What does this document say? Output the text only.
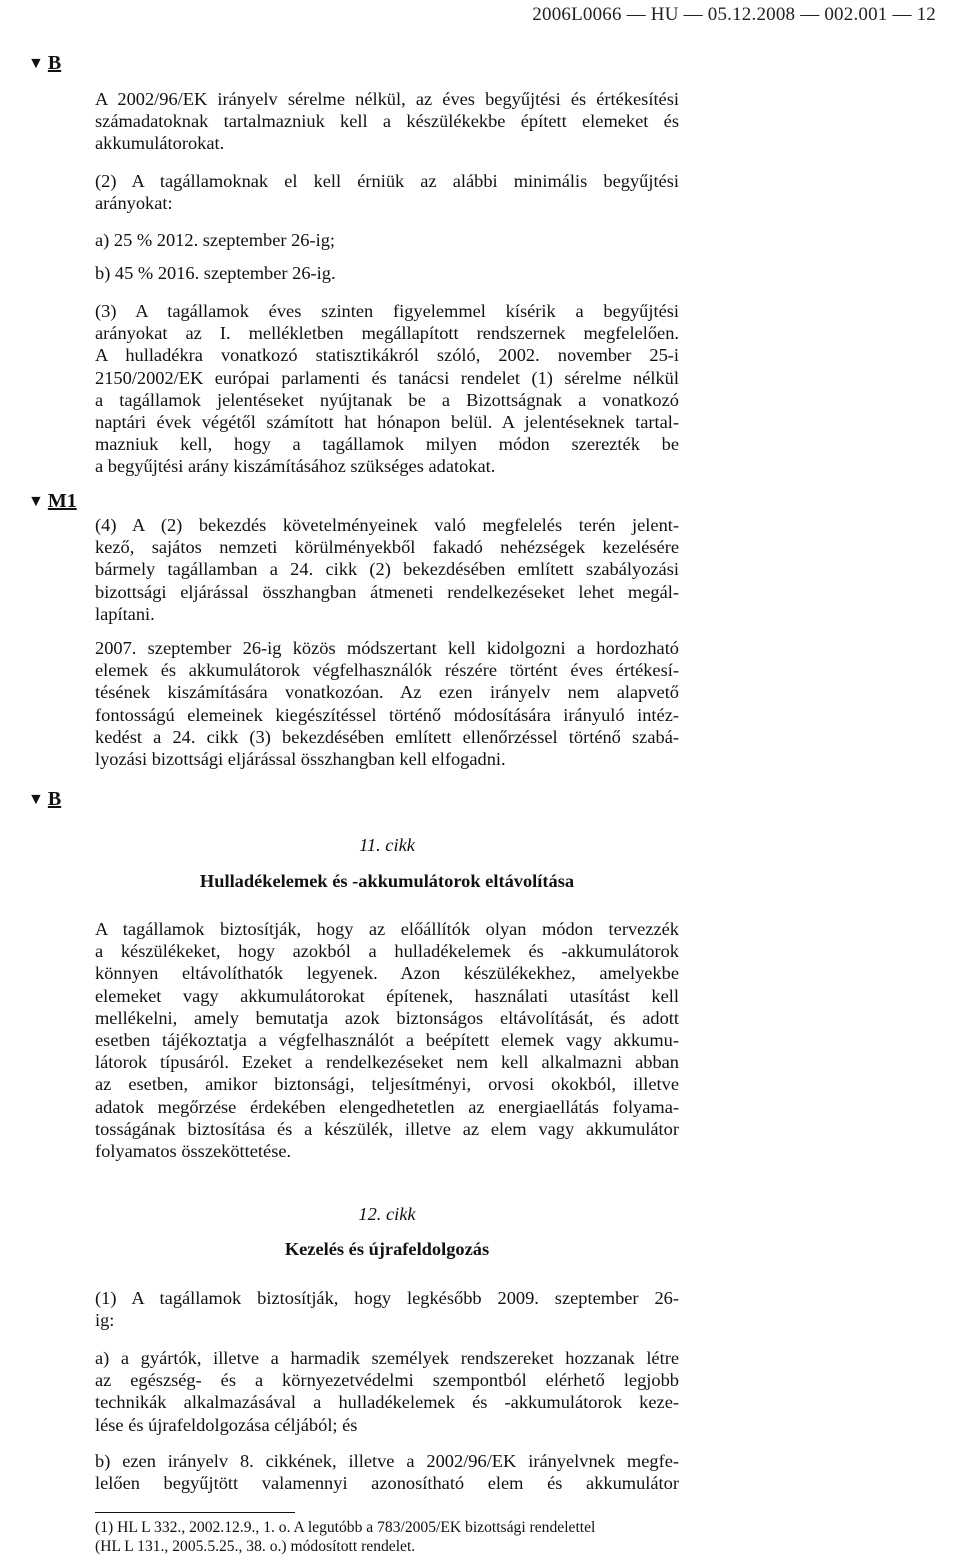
2006L0066 — HU — 05.12.2008 — 002.001 — 12
▼ B
▼ M1
▼ B
A 2002/96/EK irányelv sérelme nélkül, az éves begyűjtési és értékesítési
számadatoknak tartalmazniuk kell a készülékekbe épített elemeket és
akkumulátorokat.
(2) A tagállamoknak el kell érniük az alábbi minimális begyűjtési
arányokat:
a) 25 % 2012. szeptember 26-ig;
b) 45 % 2016. szeptember 26-ig.
(3) A tagállamok éves szinten figyelemmel kísérik a begyűjtési
arányokat az I. mellékletben megállapított rendszernek megfelelően.
A hulladékra vonatkozó statisztikákról szóló, 2002. november 25-i
2150/2002/EK európai parlamenti és tanácsi rendelet (1) sérelme nélkül
a tagállamok jelentéseket nyújtanak be a Bizottságnak a vonatkozó
naptári évek végétől számított hat hónapon belül. A jelentéseknek tartal-
mazniuk kell, hogy a tagállamok milyen módon szerezték be
a begyűjtési arány kiszámításához szükséges adatokat.
(4) A (2) bekezdés követelményeinek való megfelelés terén jelent-
kező, sajátos nemzeti körülményekből fakadó nehézségek kezelésére
bármely tagállamban a 24. cikk (2) bekezdésében említett szabályozási
bizottsági eljárással összhangban átmeneti rendelkezéseket lehet megál-
lapítani.
2007. szeptember 26-ig közös módszertant kell kidolgozni a hordozható
elemek és akkumulátorok végfelhasználók részére történt éves értékesí-
tésének kiszámítására vonatkozóan. Az ezen irányelv nem alapvető
fontosságú elemeinek kiegészítéssel történő módosítására irányuló intéz-
kedést a 24. cikk (3) bekezdésében említett ellenőrzéssel történő szabá-
lyozási bizottsági eljárással összhangban kell elfogadni.
11. cikk
Hulladékelemek és -akkumulátorok eltávolítása
A tagállamok biztosítják, hogy az előállítók olyan módon tervezzék
a készülékeket, hogy azokból a hulladékelemek és -akkumulátorok
könnyen eltávolíthatók legyenek. Azon készülékekhez, amelyekbe
elemeket vagy akkumulátorokat építenek, használati utasítást kell
mellékelni, amely bemutatja azok biztonságos eltávolítását, és adott
esetben tájékoztatja a végfelhasználót a beépített elemek vagy akkumu-
látorok típusáról. Ezeket a rendelkezéseket nem kell alkalmazni abban
az esetben, amikor biztonsági, teljesítményi, orvosi okokból, illetve
adatok megőrzése érdekében elengedhetetlen az energiaellátás folyama-
tosságának biztosítása és a készülék, illetve az elem vagy akkumulátor
folyamatos összeköttetése.
12. cikk
Kezelés és újrafeldolgozás
(1) A tagállamok biztosítják, hogy legkésőbb 2009. szeptember 26-
ig:
a) a gyártók, illetve a harmadik személyek rendszereket hozzanak létre
az egészség- és a környezetvédelmi szempontból elérhető legjobb
technikák alkalmazásával a hulladékelemek és -akkumulátorok keze-
lése és újrafeldolgozása céljából; és
b) ezen irányelv 8. cikkének, illetve a 2002/96/EK irányelvnek megfe-
lelően begyűjtött valamennyi azonosítható elem és akkumulátor
(1) HL L 332., 2002.12.9., 1. o. A legutóbb a 783/2005/EK bizottsági rendelettel
(HL L 131., 2005.5.25., 38. o.) módosított rendelet.
